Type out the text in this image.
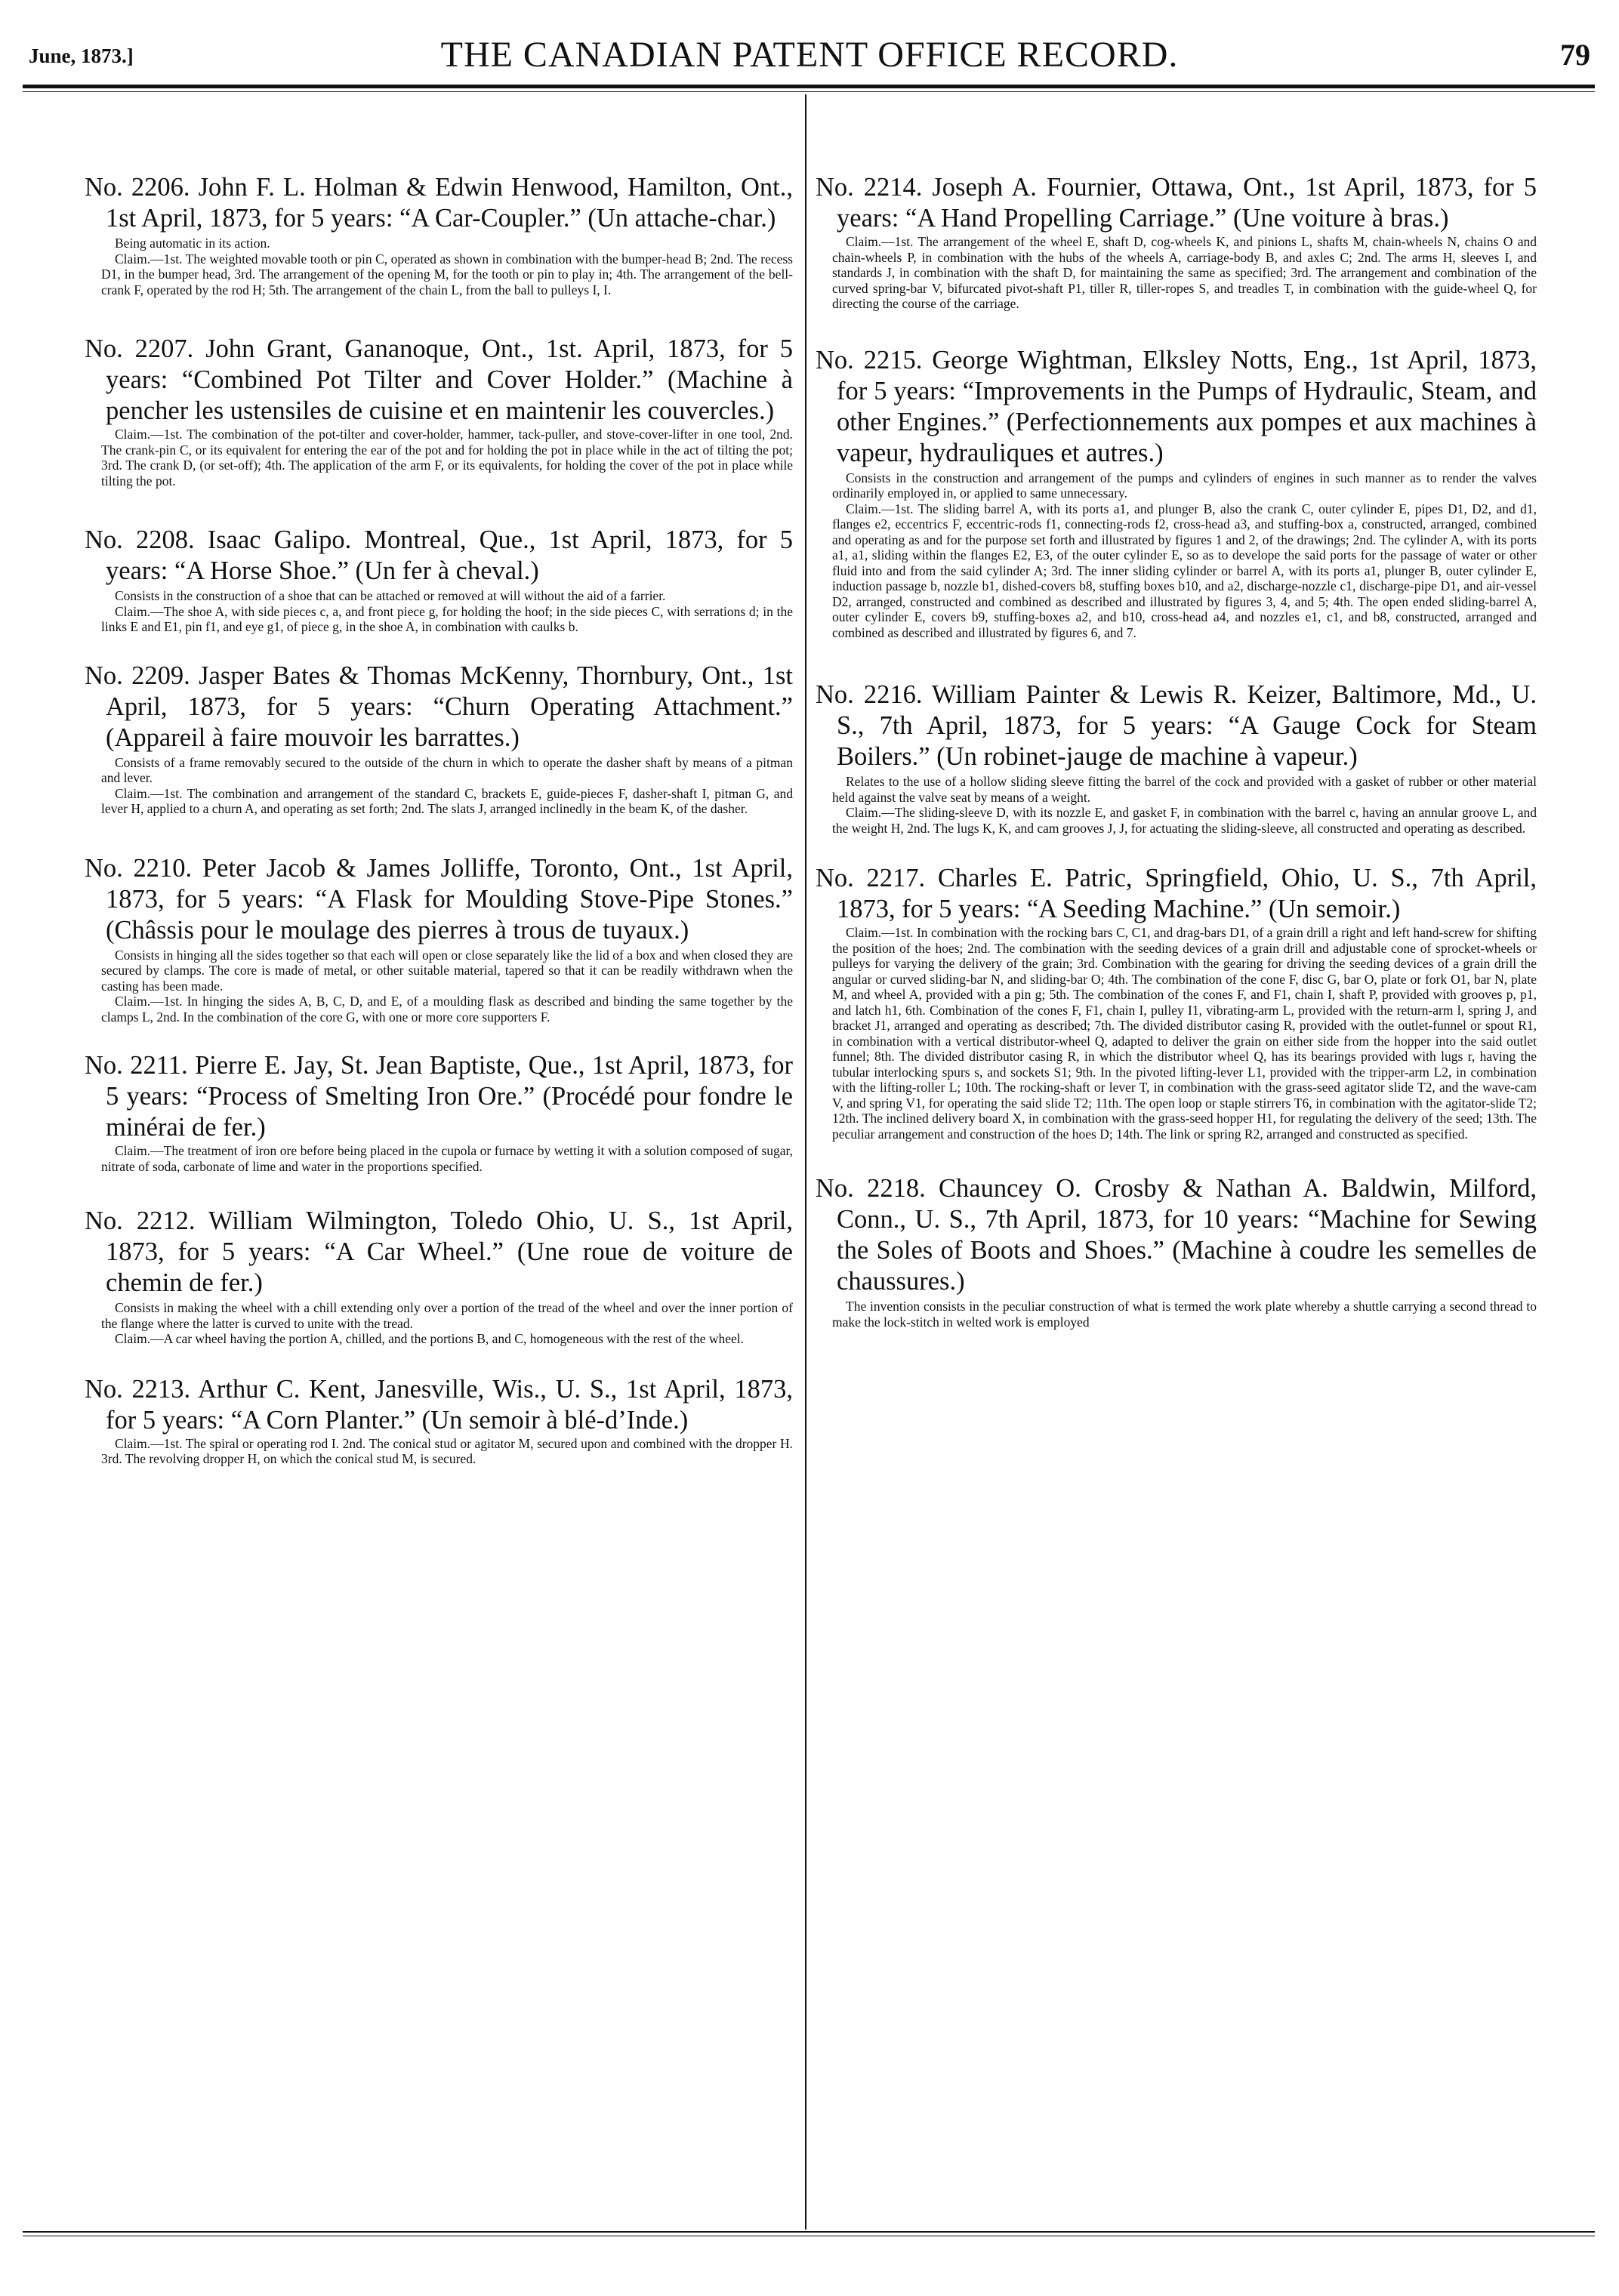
June, 1873.]	THE CANADIAN PATENT OFFICE RECORD.	79

No. 2206. John F. L. Holman & Edwin Henwood, Hamilton, Ont., 1st April, 1873, for 5 years: “A Car-Coupler.” (Un attache-char.)

Being automatic in its action.

Claim.—1st. The weighted movable tooth or pin C, operated as shown in combination with the bumper-head B; 2nd. The recess D1, in the bumper head, 3rd. The arrangement of the opening M, for the tooth or pin to play in; 4th. The arrangement of the bell-crank F, operated by the rod H; 5th. The arrangement of the chain L, from the ball to pulleys I, I.

No. 2207. John Grant, Gananoque, Ont., 1st. April, 1873, for 5 years: “Combined Pot Tilter and Cover Holder.” (Machine à pencher les ustensiles de cuisine et en maintenir les couvercles.)

Claim.—1st. The combination of the pot-tilter and cover-holder, hammer, tack-puller, and stove-cover-lifter in one tool, 2nd. The crank-pin C, or its equivalent for entering the ear of the pot and for holding the pot in place while in the act of tilting the pot; 3rd. The crank D, (or set-off); 4th. The application of the arm F, or its equivalents, for holding the cover of the pot in place while tilting the pot.

No. 2208. Isaac Galipo. Montreal, Que., 1st April, 1873, for 5 years: “A Horse Shoe.” (Un fer à cheval.)

Consists in the construction of a shoe that can be attached or removed at will without the aid of a farrier.

Claim.—The shoe A, with side pieces c, a, and front piece g, for holding the hoof; in the side pieces C, with serrations d; in the links E and E1, pin f1, and eye g1, of piece g, in the shoe A, in combination with caulks b.

No. 2209. Jasper Bates & Thomas McKenny, Thornbury, Ont., 1st April, 1873, for 5 years: “Churn Operating Attachment.” (Appareil à faire mouvoir les barrattes.)

Consists of a frame removably secured to the outside of the churn in which to operate the dasher shaft by means of a pitman and lever.

Claim.—1st. The combination and arrangement of the standard C, brackets E, guide-pieces F, dasher-shaft I, pitman G, and lever H, applied to a churn A, and operating as set forth; 2nd. The slats J, arranged inclinedly in the beam K, of the dasher.

No. 2210. Peter Jacob & James Jolliffe, Toronto, Ont., 1st April, 1873, for 5 years: “A Flask for Moulding Stove-Pipe Stones.” (Châssis pour le moulage des pierres à trous de tuyaux.)

Consists in hinging all the sides together so that each will open or close separately like the lid of a box and when closed they are secured by clamps. The core is made of metal, or other suitable material, tapered so that it can be readily withdrawn when the casting has been made.

Claim.—1st. In hinging the sides A, B, C, D, and E, of a moulding flask as described and binding the same together by the clamps L, 2nd. In the combination of the core G, with one or more core supporters F.

No. 2211. Pierre E. Jay, St. Jean Baptiste, Que., 1st April, 1873, for 5 years: “Process of Smelting Iron Ore.” (Procédé pour fondre le minérai de fer.)

Claim.—The treatment of iron ore before being placed in the cupola or furnace by wetting it with a solution composed of sugar, nitrate of soda, carbonate of lime and water in the proportions specified.

No. 2212. William Wilmington, Toledo Ohio, U. S., 1st April, 1873, for 5 years: “A Car Wheel.” (Une roue de voiture de chemin de fer.)

Consists in making the wheel with a chill extending only over a portion of the tread of the wheel and over the inner portion of the flange where the latter is curved to unite with the tread.

Claim.—A car wheel having the portion A, chilled, and the portions B, and C, homogeneous with the rest of the wheel.

No. 2213. Arthur C. Kent, Janesville, Wis., U. S., 1st April, 1873, for 5 years: “A Corn Planter.” (Un semoir à blé-d’Inde.)

Claim.—1st. The spiral or operating rod I. 2nd. The conical stud or agitator M, secured upon and combined with the dropper H. 3rd. The revolving dropper H, on which the conical stud M, is secured.

No. 2214. Joseph A. Fournier, Ottawa, Ont., 1st April, 1873, for 5 years: “A Hand Propelling Carriage.” (Une voiture à bras.)

Claim.—1st. The arrangement of the wheel E, shaft D, cog-wheels K, and pinions L, shafts M, chain-wheels N, chains O and chain-wheels P, in combination with the hubs of the wheels A, carriage-body B, and axles C; 2nd. The arms H, sleeves I, and standards J, in combination with the shaft D, for maintaining the same as specified; 3rd. The arrangement and combination of the curved spring-bar V, bifurcated pivot-shaft P1, tiller R, tiller-ropes S, and treadles T, in combination with the guide-wheel Q, for directing the course of the carriage.

No. 2215. George Wightman, Elksley Notts, Eng., 1st April, 1873, for 5 years: “Improvements in the Pumps of Hydraulic, Steam, and other Engines.” (Perfectionnements aux pompes et aux machines à vapeur, hydrauliques et autres.)

Consists in the construction and arrangement of the pumps and cylinders of engines in such manner as to render the valves ordinarily employed in, or applied to same unnecessary.

Claim.—1st. The sliding barrel A, with its ports a1, and plunger B, also the crank C, outer cylinder E, pipes D1, D2, and d1, flanges e2, eccentrics F, eccentric-rods f1, connecting-rods f2, cross-head a3, and stuffing-box a, constructed, arranged, combined and operating as and for the purpose set forth and illustrated by figures 1 and 2, of the drawings; 2nd. The cylinder A, with its ports a1, a1, sliding within the flanges E2, E3, of the outer cylinder E, so as to develope the said ports for the passage of water or other fluid into and from the said cylinder A; 3rd. The inner sliding cylinder or barrel A, with its ports a1, plunger B, outer cylinder E, induction passage b, nozzle b1, dished-covers b8, stuffing boxes b10, and a2, discharge-nozzle c1, discharge-pipe D1, and air-vessel D2, arranged, constructed and combined as described and illustrated by figures 3, 4, and 5; 4th. The open ended sliding-barrel A, outer cylinder E, covers b9, stuffing-boxes a2, and b10, cross-head a4, and nozzles e1, c1, and b8, constructed, arranged and combined as described and illustrated by figures 6, and 7.

No. 2216. William Painter & Lewis R. Keizer, Baltimore, Md., U. S., 7th April, 1873, for 5 years: “A Gauge Cock for Steam Boilers.” (Un robinet-jauge de machine à vapeur.)

Relates to the use of a hollow sliding sleeve fitting the barrel of the cock and provided with a gasket of rubber or other material held against the valve seat by means of a weight.

Claim.—The sliding-sleeve D, with its nozzle E, and gasket F, in combination with the barrel c, having an annular groove L, and the weight H, 2nd. The lugs K, K, and cam grooves J, J, for actuating the sliding-sleeve, all constructed and operating as described.

No. 2217. Charles E. Patric, Springfield, Ohio, U. S., 7th April, 1873, for 5 years: “A Seeding Machine.” (Un semoir.)

Claim.—1st. In combination with the rocking bars C, C1, and drag-bars D1, of a grain drill a right and left hand-screw for shifting the position of the hoes; 2nd. The combination with the seeding devices of a grain drill and adjustable cone of sprocket-wheels or pulleys for varying the delivery of the grain; 3rd. Combination with the gearing for driving the seeding devices of a grain drill the angular or curved sliding-bar N, and sliding-bar O; 4th. The combination of the cone F, disc G, bar O, plate or fork O1, bar N, plate M, and wheel A, provided with a pin g; 5th. The combination of the cones F, and F1, chain I, shaft P, provided with grooves p, p1, and latch h1, 6th. Combination of the cones F, F1, chain I, pulley I1, vibrating-arm L, provided with the return-arm l, spring J, and bracket J1, arranged and operating as described; 7th. The divided distributor casing R, provided with the outlet-funnel or spout R1, in combination with a vertical distributor-wheel Q, adapted to deliver the grain on either side from the hopper into the said outlet funnel; 8th. The divided distributor casing R, in which the distributor wheel Q, has its bearings provided with lugs r, having the tubular interlocking spurs s, and sockets S1; 9th. In the pivoted lifting-lever L1, provided with the tripper-arm L2, in combination with the lifting-roller L; 10th. The rocking-shaft or lever T, in combination with the grass-seed agitator slide T2, and the wave-cam V, and spring V1, for operating the said slide T2; 11th. The open loop or staple stirrers T6, in combination with the agitator-slide T2; 12th. The inclined delivery board X, in combination with the grass-seed hopper H1, for regulating the delivery of the seed; 13th. The peculiar arrangement and construction of the hoes D; 14th. The link or spring R2, arranged and constructed as specified.

No. 2218. Chauncey O. Crosby & Nathan A. Baldwin, Milford, Conn., U. S., 7th April, 1873, for 10 years: “Machine for Sewing the Soles of Boots and Shoes.” (Machine à coudre les semelles de chaussures.)

The invention consists in the peculiar construction of what is termed the work plate whereby a shuttle carrying a second thread to make the lock-stitch in welted work is employed
